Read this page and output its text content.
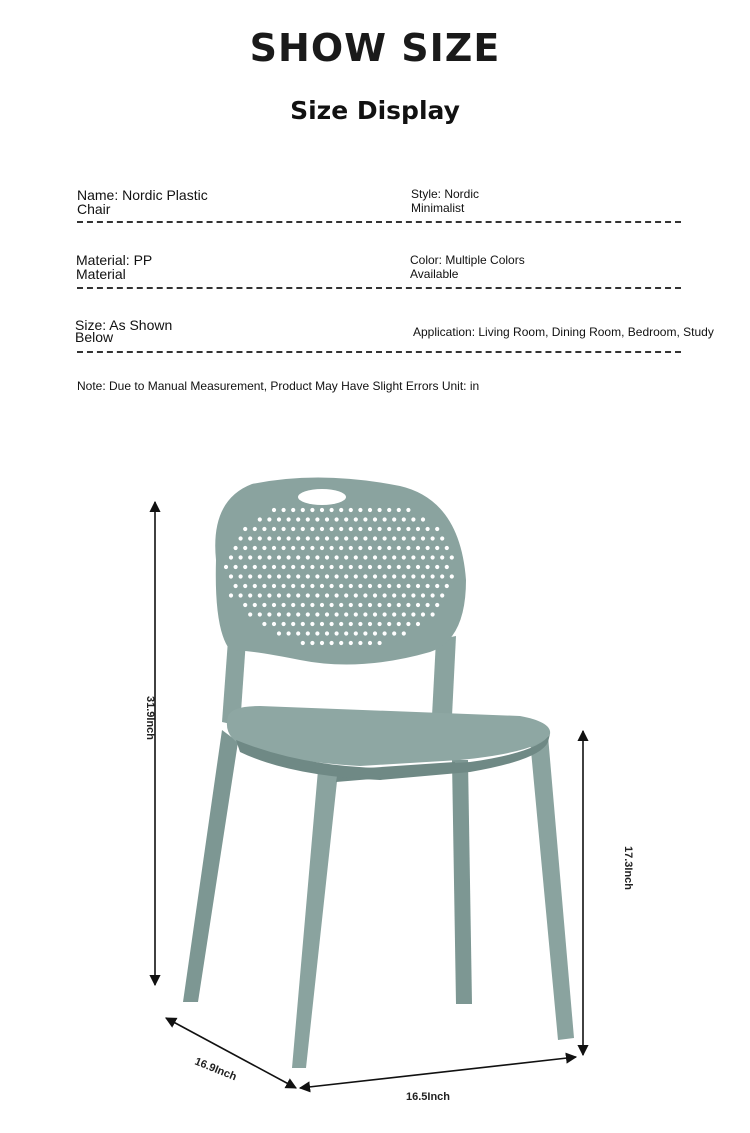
SHOW SIZE
Size Display
Name: Nordic Plastic
Chair
Style: Nordic
Minimalist
Material: PP
Material
Color: Multiple Colors
Available
Size: As Shown
Below	Application: Living Room, Dining Room, Bedroom, Study
Note: Due to Manual Measurement, Product May Have Slight Errors Unit: in
31.9Inch
17.3Inch
16.9Inch
16.5Inch
